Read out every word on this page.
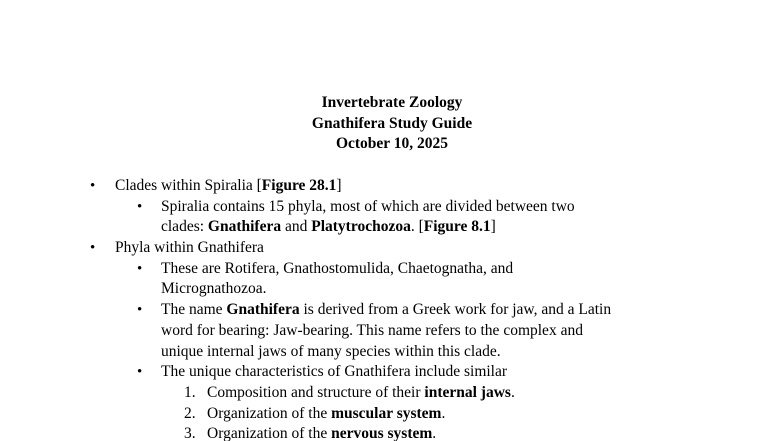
Invertebrate Zoology
Gnathifera Study Guide
October 10, 2025
• Clades within Spiralia [Figure 28.1]
• Spiralia contains 15 phyla, most of which are divided between two
clades: Gnathifera and Platytrochozoa. [Figure 8.1]
• Phyla within Gnathifera
• These are Rotifera, Gnathostomulida, Chaetognatha, and
Micrognathozoa.
• The name Gnathifera is derived from a Greek work for jaw, and a Latin
word for bearing: Jaw-bearing. This name refers to the complex and
unique internal jaws of many species within this clade.
• The unique characteristics of Gnathifera include similar
1. Composition and structure of their internal jaws.
2. Organization of the muscular system.
3. Organization of the nervous system.
